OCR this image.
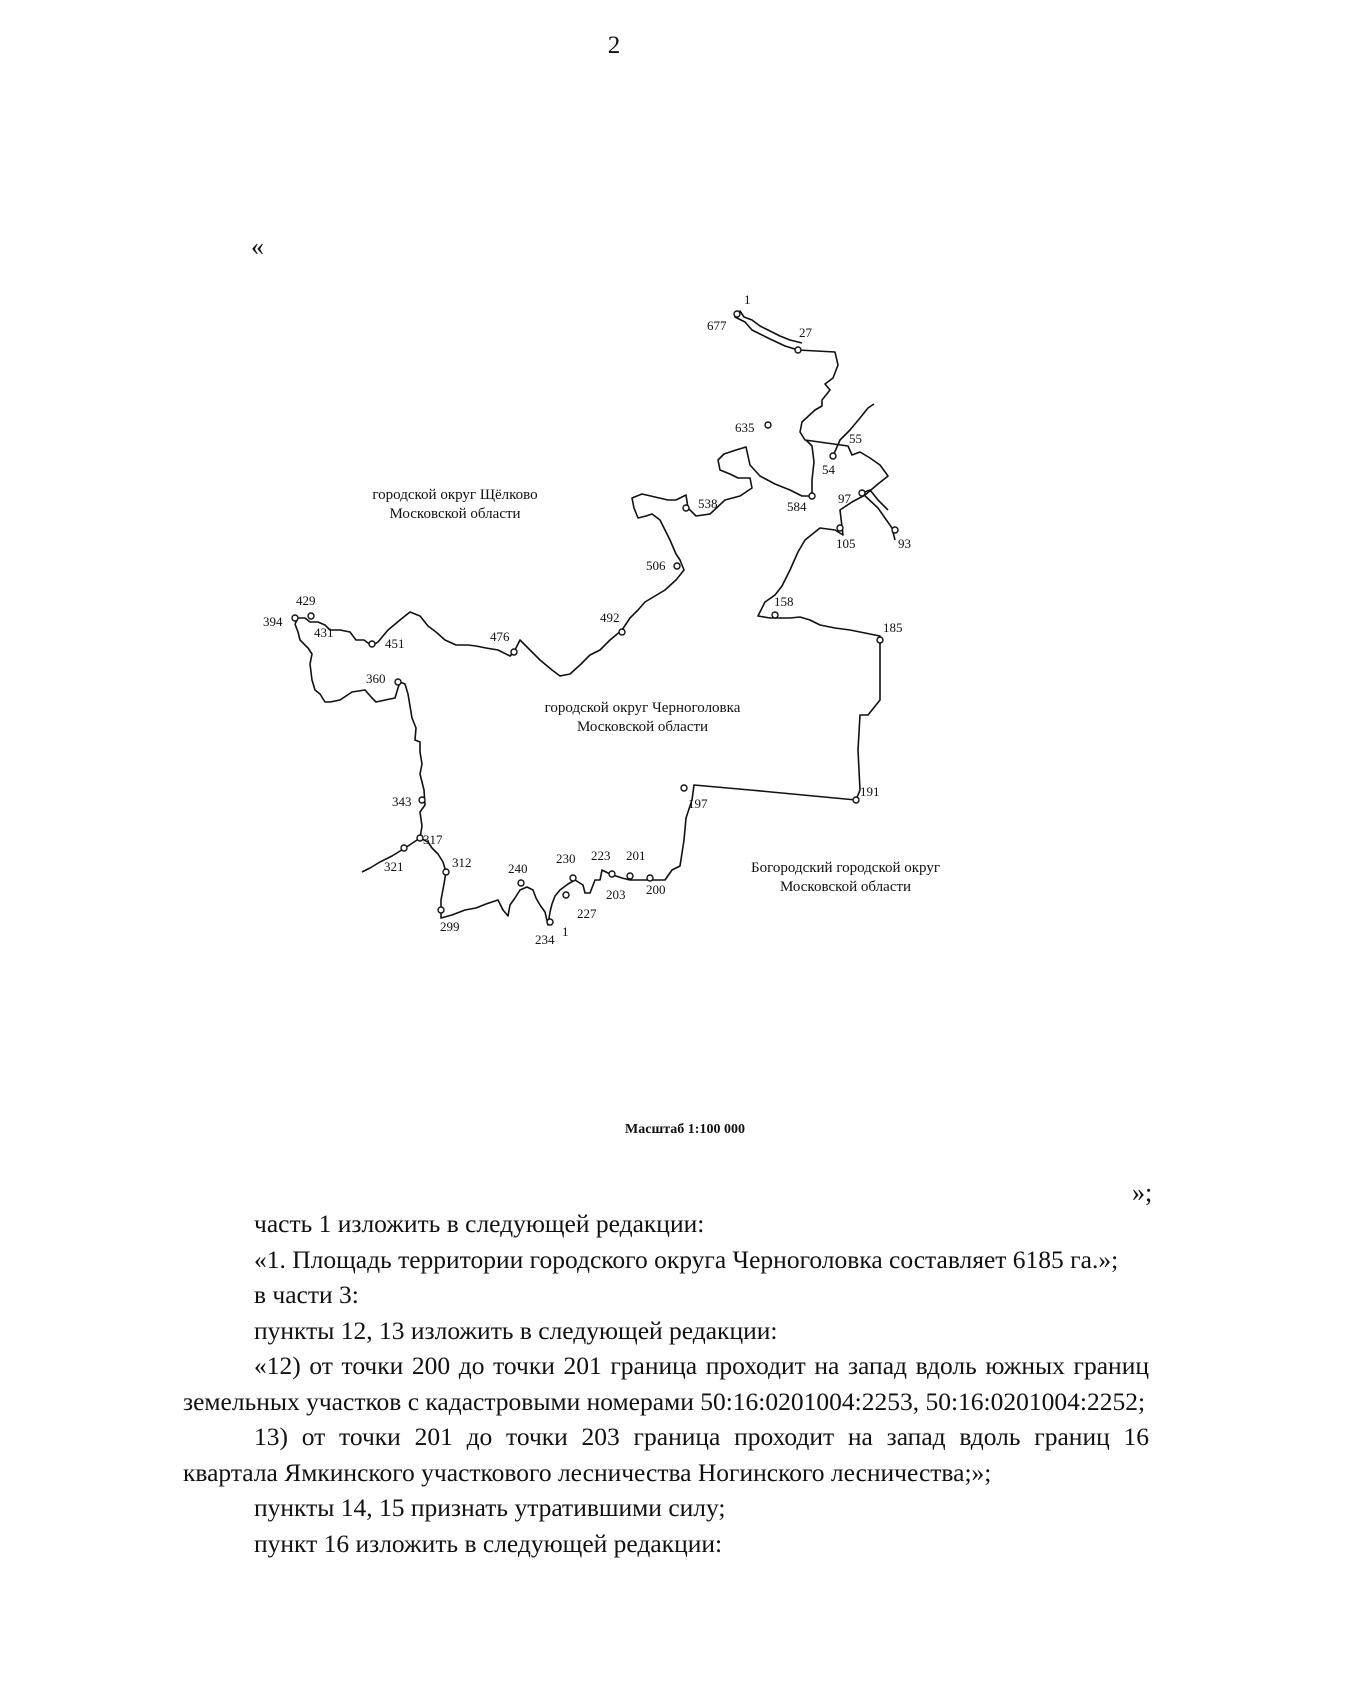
2
«
1
677	27
635
55
54
538	584
97
105	93
506
158
185
429
394
431
451	476
492
360
191
197
343
317
321	312	240
230 223 201
203 200
227
299
234
1
городской округ Щёлково
Московской области
городской округ Черноголовка
Московской области
Богородский городской округ
Московской области
Масштаб 1:100 000
»;

часть 1 изложить в следующей редакции:

«1. Площадь территории городского округа Черноголовка составляет 6185 га.»;

в части 3:

пункты 12, 13 изложить в следующей редакции:

«12) от точки 200 до точки 201 граница проходит на запад вдоль южных границ земельных участков с кадастровыми номерами 50:16:0201004:2253, 50:16:0201004:2252;

13) от точки 201 до точки 203 граница проходит на запад вдоль границ 16 квартала Ямкинского участкового лесничества Ногинского лесничества;»;

пункты 14, 15 признать утратившими силу;

пункт 16 изложить в следующей редакции:
